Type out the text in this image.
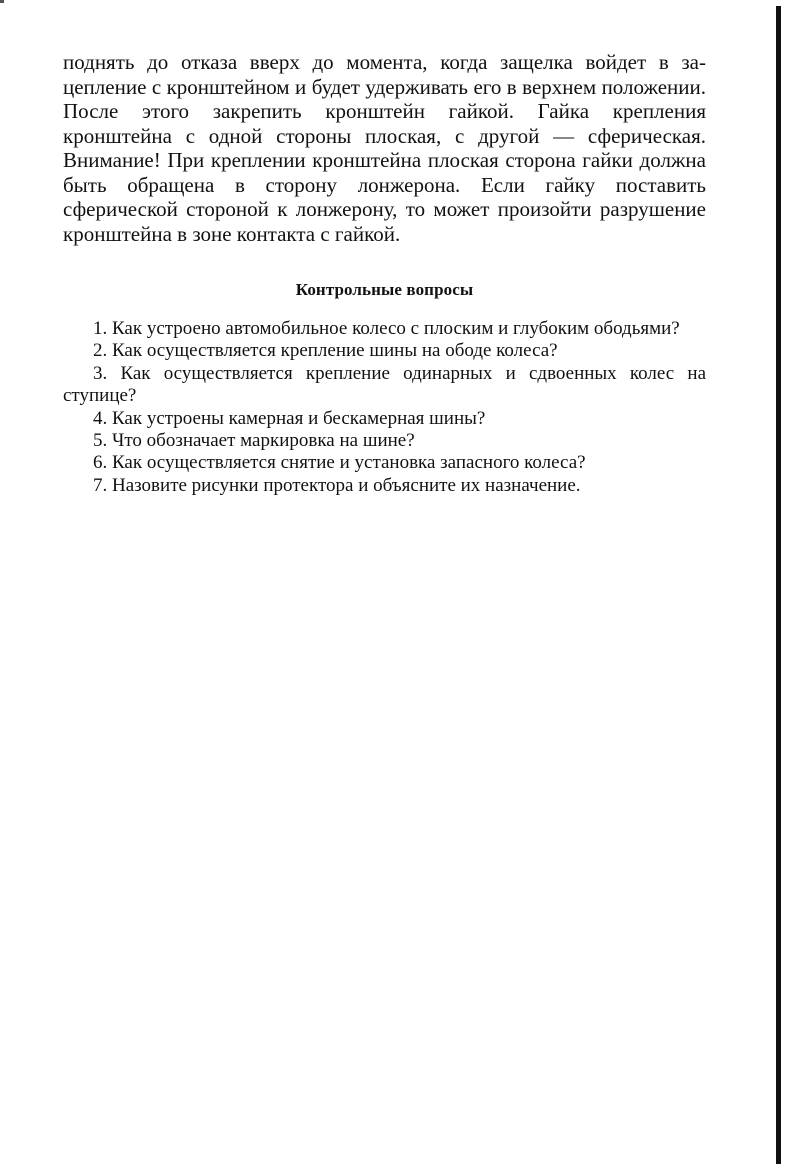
поднять до отказа вверх до момента, когда защелка войдет в зацепление с кронштейном и будет удерживать его в верхнем положении. После этого закрепить кронштейн гайкой. Гайка крепления кронштейна с одной стороны плоская, с другой — сферическая. Внимание! При креплении кронштейна плоская сторона гайки должна быть обращена в сторону лонжерона. Если гайку поставить сферической стороной к лонжерону, то может произойти разрушение кронштейна в зоне контакта с гайкой.

Контрольные вопросы
1. Как устроено автомобильное колесо с плоским и глубоким ободьями?
2. Как осуществляется крепление шины на ободе колеса?
3. Как осуществляется крепление одинарных и сдвоенных колес на ступице?
4. Как устроены камерная и бескамерная шины?
5. Что обозначает маркировка на шине?
6. Как осуществляется снятие и установка запасного колеса?
7. Назовите рисунки протектора и объясните их назначение.
